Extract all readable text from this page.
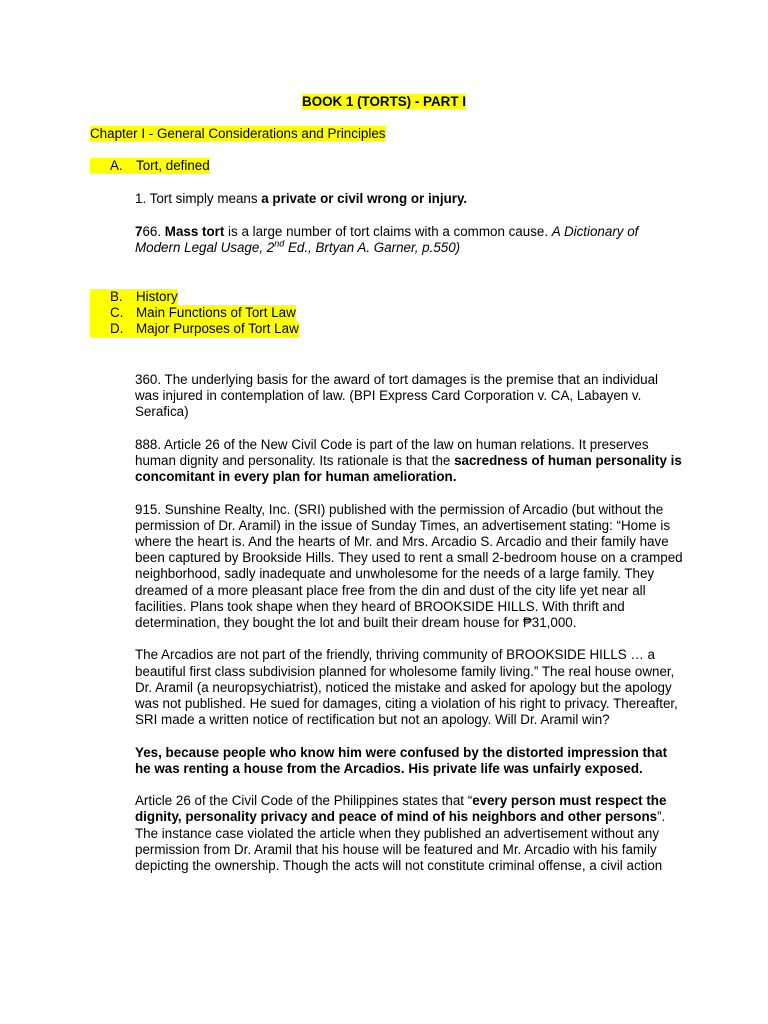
BOOK 1 (TORTS) - PART I
Chapter I - General Considerations and Principles
A. Tort, defined

1. Tort simply means a private or civil wrong or injury.

766. Mass tort is a large number of tort claims with a common cause. A Dictionary of Modern Legal Usage, 2nd Ed., Brtyan A. Garner, p.550)

B. History
C. Main Functions of Tort Law
D. Major Purposes of Tort Law

360. The underlying basis for the award of tort damages is the premise that an individual was injured in contemplation of law. (BPI Express Card Corporation v. CA, Labayen v. Serafica)

888. Article 26 of the New Civil Code is part of the law on human relations. It preserves human dignity and personality. Its rationale is that the sacredness of human personality is concomitant in every plan for human amelioration.

915. Sunshine Realty, Inc. (SRI) published with the permission of Arcadio (but without the permission of Dr. Aramil) in the issue of Sunday Times, an advertisement stating: “Home is where the heart is. And the hearts of Mr. and Mrs. Arcadio S. Arcadio and their family have been captured by Brookside Hills. They used to rent a small 2-bedroom house on a cramped neighborhood, sadly inadequate and unwholesome for the needs of a large family. They dreamed of a more pleasant place free from the din and dust of the city life yet near all facilities. Plans took shape when they heard of BROOKSIDE HILLS. With thrift and determination, they bought the lot and built their dream house for ₱31,000.

The Arcadios are not part of the friendly, thriving community of BROOKSIDE HILLS … a beautiful first class subdivision planned for wholesome family living.” The real house owner, Dr. Aramil (a neuropsychiatrist), noticed the mistake and asked for apology but the apology was not published. He sued for damages, citing a violation of his right to privacy. Thereafter, SRI made a written notice of rectification but not an apology. Will Dr. Aramil win?

Yes, because people who know him were confused by the distorted impression that he was renting a house from the Arcadios. His private life was unfairly exposed.

Article 26 of the Civil Code of the Philippines states that “every person must respect the dignity, personality privacy and peace of mind of his neighbors and other persons”. The instance case violated the article when they published an advertisement without any permission from Dr. Aramil that his house will be featured and Mr. Arcadio with his family depicting the ownership. Though the acts will not constitute criminal offense, a civil action
